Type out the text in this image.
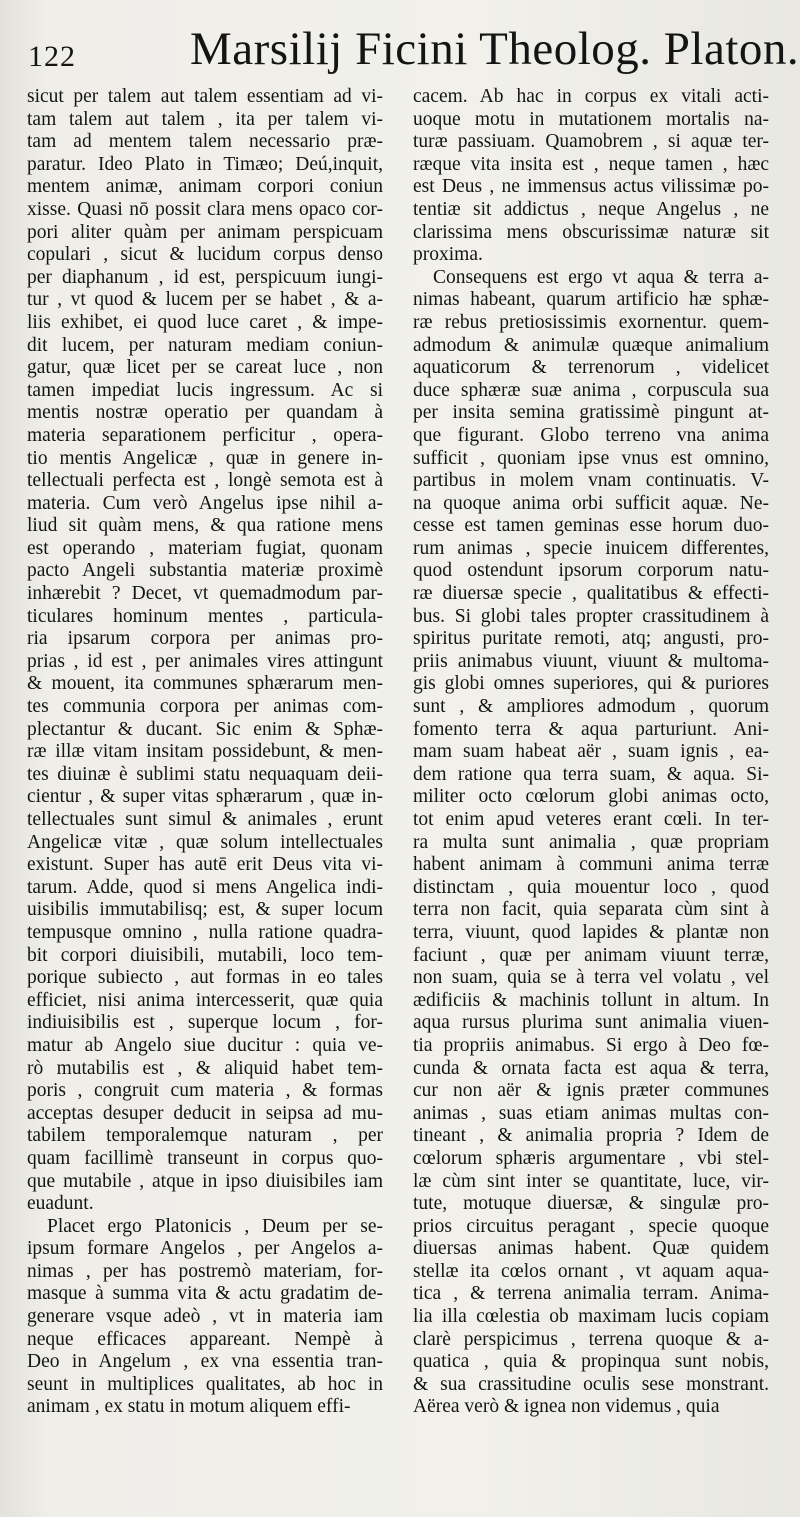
122 Marsilij Ficini Theolog. Platon.
sicut per talem aut talem essentiam ad vi-
tam talem aut talem , ita per talem vi-
tam ad mentem talem necessario præ-
paratur. Ideo Plato in Timæo; Deú,inquit,
mentem animæ, animam corpori coniun
xisse. Quasi nō possit clara mens opaco cor-
pori aliter quàm per animam perspicuam
copulari , sicut & lucidum corpus denso
per diaphanum , id est, perspicuum iungi-
tur , vt quod & lucem per se habet , & a-
liis exhibet, ei quod luce caret , & impe-
dit lucem, per naturam mediam coniun-
gatur, quæ licet per se careat luce , non
tamen impediat lucis ingressum. Ac si
mentis nostræ operatio per quandam à
materia separationem perficitur , opera-
tio mentis Angelicæ , quæ in genere in-
tellectuali perfecta est , longè semota est à
materia. Cum verò Angelus ipse nihil a-
liud sit quàm mens, & qua ratione mens
est operando , materiam fugiat, quonam
pacto Angeli substantia materiæ proximè
inhærebit ? Decet, vt quemadmodum par-
ticulares hominum mentes , particula-
ria ipsarum corpora per animas pro-
prias , id est , per animales vires attingunt
& mouent, ita communes sphærarum men-
tes communia corpora per animas com-
plectantur & ducant. Sic enim & Sphæ-
ræ illæ vitam insitam possidebunt, & men-
tes diuinæ è sublimi statu nequaquam deii-
cientur , & super vitas sphærarum , quæ in-
tellectuales sunt simul & animales , erunt
Angelicæ vitæ , quæ solum intellectuales
existunt. Super has autē erit Deus vita vi-
tarum. Adde, quod si mens Angelica indi-
uisibilis immutabilisq; est, & super locum
tempusque omnino , nulla ratione quadra-
bit corpori diuisibili, mutabili, loco tem-
porique subiecto , aut formas in eo tales
efficiet, nisi anima intercesserit, quæ quia
indiuisibilis est , superque locum , for-
matur ab Angelo siue ducitur : quia ve-
rò mutabilis est , & aliquid habet tem-
poris , congruit cum materia , & formas
acceptas desuper deducit in seipsa ad mu-
tabilem temporalemque naturam , per
quam facillimè transeunt in corpus quo-
que mutabile , atque in ipso diuisibiles iam
euadunt.
Placet ergo Platonicis , Deum per se-
ipsum formare Angelos , per Angelos a-
nimas , per has postremò materiam, for-
masque à summa vita & actu gradatim de-
generare vsque adeò , vt in materia iam
neque efficaces appareant. Nempè à
Deo in Angelum , ex vna essentia tran-
seunt in multiplices qualitates, ab hoc in
animam , ex statu in motum aliquem effi-
cacem. Ab hac in corpus ex vitali acti-
uoque motu in mutationem mortalis na-
turæ passiuam. Quamobrem , si aquæ ter-
ræque vita insita est , neque tamen , hæc
est Deus , ne immensus actus vilissimæ po-
tentiæ sit addictus , neque Angelus , ne
clarissima mens obscurissimæ naturæ sit
proxima.
Consequens est ergo vt aqua & terra a-
nimas habeant, quarum artificio hæ sphæ-
ræ rebus pretiosissimis exornentur. quem-
admodum & animulæ quæque animalium
aquaticorum & terrenorum , videlicet
duce sphæræ suæ anima , corpuscula sua
per insita semina gratissimè pingunt at-
que figurant. Globo terreno vna anima
sufficit , quoniam ipse vnus est omnino,
partibus in molem vnam continuatis. V-
na quoque anima orbi sufficit aquæ. Ne-
cesse est tamen geminas esse horum duo-
rum animas , specie inuicem differentes,
quod ostendunt ipsorum corporum natu-
ræ diuersæ specie , qualitatibus & effecti-
bus. Si globi tales propter crassitudinem à
spiritus puritate remoti, atq; angusti, pro-
priis animabus viuunt, viuunt & multoma-
gis globi omnes superiores, qui & puriores
sunt , & ampliores admodum , quorum
fomento terra & aqua parturiunt. Ani-
mam suam habeat aër , suam ignis , ea-
dem ratione qua terra suam, & aqua. Si-
militer octo cœlorum globi animas octo,
tot enim apud veteres erant cœli. In ter-
ra multa sunt animalia , quæ propriam
habent animam à communi anima terræ
distinctam , quia mouentur loco , quod
terra non facit, quia separata cùm sint à
terra, viuunt, quod lapides & plantæ non
faciunt , quæ per animam viuunt terræ,
non suam, quia se à terra vel volatu , vel
ædificiis & machinis tollunt in altum. In
aqua rursus plurima sunt animalia viuen-
tia propriis animabus. Si ergo à Deo fœ-
cunda & ornata facta est aqua & terra,
cur non aër & ignis præter communes
animas , suas etiam animas multas con-
tineant , & animalia propria ? Idem de
cœlorum sphæris argumentare , vbi stel-
læ cùm sint inter se quantitate, luce, vir-
tute, motuque diuersæ, & singulæ pro-
prios circuitus peragant , specie quoque
diuersas animas habent. Quæ quidem
stellæ ita cœlos ornant , vt aquam aqua-
tica , & terrena animalia terram. Anima-
lia illa cœlestia ob maximam lucis copiam
clarè perspicimus , terrena quoque & a-
quatica , quia & propinqua sunt nobis,
& sua crassitudine oculis sese monstrant.
Aërea verò & ignea non videmus , quia
